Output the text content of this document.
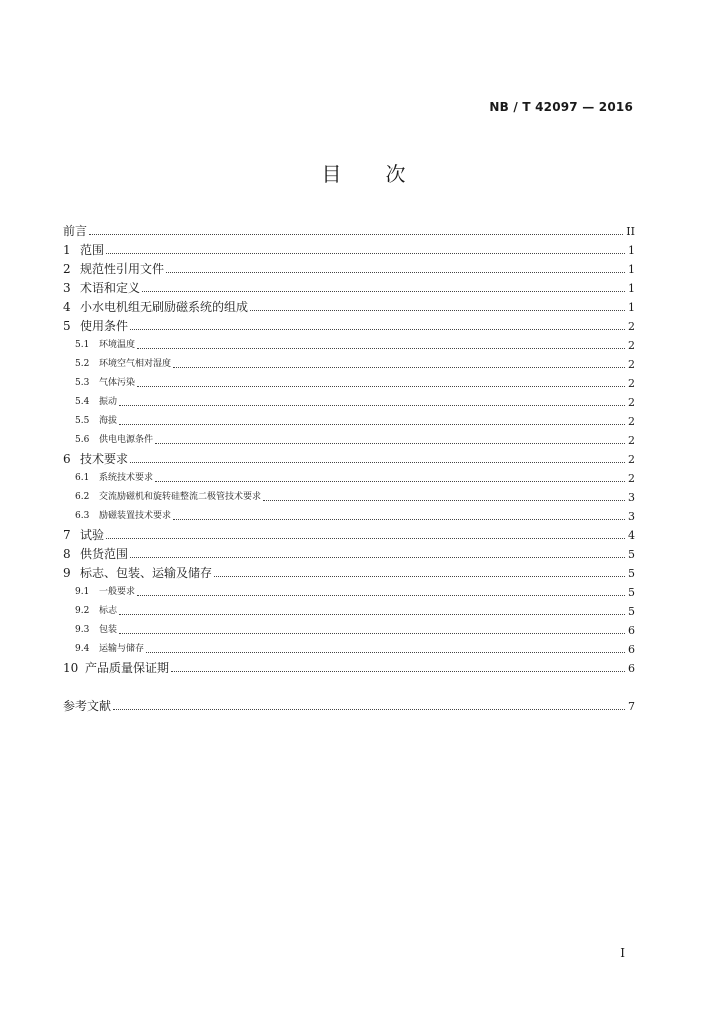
NB / T 42097 — 2016
目 次
前言	II
1 范围	1
2 规范性引用文件	1
3 术语和定义	1
4 小水电机组无刷励磁系统的组成	1
5 使用条件	2
5.1	环境温度	2
5.2	环境空气相对湿度	2
5.3	气体污染	2
5.4	振动	2
5.5	海拔	2
5.6	供电电源条件	2
6 技术要求	2
6.1	系统技术要求	2
6.2	交流励磁机和旋转硅整流二极管技术要求	3
6.3	励磁装置技术要求	3
7 试验	4
8 供货范围	5
9 标志、包装、运输及储存	5
9.1	一般要求	5
9.2	标志	5
9.3	包装	6
9.4	运输与储存	6
10 产品质量保证期	6
参考文献	7
I
